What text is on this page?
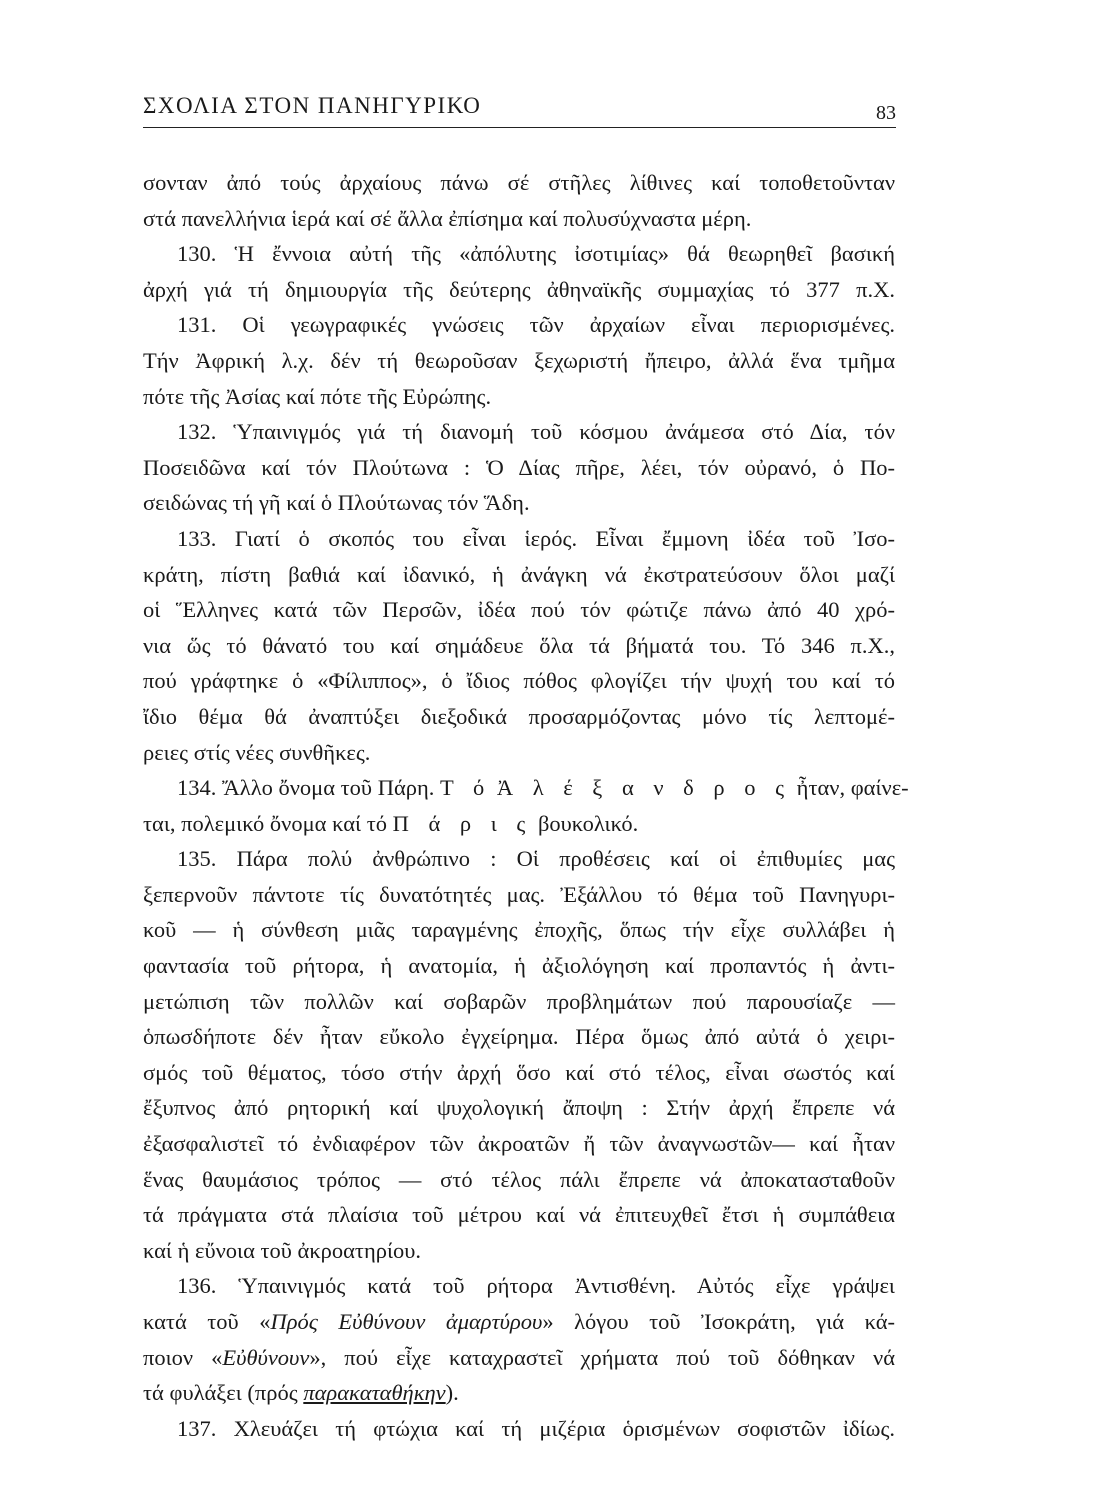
ΣΧΟΛΙΑ ΣΤΟΝ ΠΑΝΗΓΥΡΙΚΟ	83
σονταν ἀπό τούς ἀρχαίους πάνω σέ στῆλες λίθινες καί τοποθετοῦνταν
στά πανελλήνια ἱερά καί σέ ἄλλα ἐπίσημα καί πολυσύχναστα μέρη.
130. Ἡ ἔννοια αὐτή τῆς «ἀπόλυτης ἰσοτιμίας» θά θεωρηθεῖ βασική
ἀρχή γιά τή δημιουργία τῆς δεύτερης ἀθηναϊκῆς συμμαχίας τό 377 π.Χ.
131. Οἱ γεωγραφικές γνώσεις τῶν ἀρχαίων εἶναι περιορισμένες.
Τήν Ἀφρική λ.χ. δέν τή θεωροῦσαν ξεχωριστή ἤπειρο, ἀλλά ἕνα τμῆμα
πότε τῆς Ἀσίας καί πότε τῆς Εὐρώπης.
132. Ὑπαινιγμός γιά τή διανομή τοῦ κόσμου ἀνάμεσα στό Δία, τόν
Ποσειδῶνα καί τόν Πλούτωνα : Ὁ Δίας πῆρε, λέει, τόν οὐρανό, ὁ Πο-
σειδώνας τή γῆ καί ὁ Πλούτωνας τόν Ἅδη.
133. Γιατί ὁ σκοπός του εἶναι ἱερός. Εἶναι ἔμμονη ἰδέα τοῦ Ἰσο-
κράτη, πίστη βαθιά καί ἰδανικό, ἡ ἀνάγκη νά ἐκστρατεύσουν ὅλοι μαζί
οἱ Ἕλληνες κατά τῶν Περσῶν, ἰδέα πού τόν φώτιζε πάνω ἀπό 40 χρό-
νια ὥς τό θάνατό του καί σημάδευε ὅλα τά βήματά του. Τό 346 π.Χ.,
πού γράφτηκε ὁ «Φίλιππος», ὁ ἴδιος πόθος φλογίζει τήν ψυχή του καί τό
ἴδιο θέμα θά ἀναπτύξει διεξοδικά προσαρμόζοντας μόνο τίς λεπτομέ-
ρειες στίς νέες συνθῆκες.
134. Ἄλλο ὄνομα τοῦ Πάρη. Τ ό Ἀ λ έ ξ α ν δ ρ ο ς ἦταν, φαίνε-
ται, πολεμικό ὄνομα καί τό Π ά ρ ι ς βουκολικό.
135. Πάρα πολύ ἀνθρώπινο : Οἱ προθέσεις καί οἱ ἐπιθυμίες μας
ξεπερνοῦν πάντοτε τίς δυνατότητές μας. Ἐξάλλου τό θέμα τοῦ Πανηγυρι-
κοῦ — ἡ σύνθεση μιᾶς ταραγμένης ἐποχῆς, ὅπως τήν εἶχε συλλάβει ἡ
φαντασία τοῦ ρήτορα, ἡ ανατομία, ἡ ἀξιολόγηση καί προπαντός ἡ ἀντι-
μετώπιση τῶν πολλῶν καί σοβαρῶν προβλημάτων πού παρουσίαζε —
ὁπωσδήποτε δέν ἦταν εὔκολο ἐγχείρημα. Πέρα ὅμως ἀπό αὐτά ὁ χειρι-
σμός τοῦ θέματος, τόσο στήν ἀρχή ὅσο καί στό τέλος, εἶναι σωστός καί
ἔξυπνος ἀπό ρητορική καί ψυχολογική ἄποψη : Στήν ἀρχή ἔπρεπε νά
ἐξασφαλιστεῖ τό ἐνδιαφέρον τῶν ἀκροατῶν ἤ τῶν ἀναγνωστῶν— καί ἦταν
ἕνας θαυμάσιος τρόπος — στό τέλος πάλι ἔπρεπε νά ἀποκατασταθοῦν
τά πράγματα στά πλαίσια τοῦ μέτρου καί νά ἐπιτευχθεῖ ἔτσι ἡ συμπάθεια
καί ἡ εὔνοια τοῦ ἀκροατηρίου.
136. Ὑπαινιγμός κατά τοῦ ρήτορα Ἀντισθένη. Αὐτός εἶχε γράψει
κατά τοῦ «Πρός Εὐθύνουν ἀμαρτύρου» λόγου τοῦ Ἰσοκράτη, γιά κά-
ποιον «Εὐθύνουν», πού εἶχε καταχραστεῖ χρήματα πού τοῦ δόθηκαν νά
τά φυλάξει (πρός παρακαταθήκην).
137. Χλευάζει τή φτώχια καί τή μιζέρια ὁρισμένων σοφιστῶν ἰδίως.
